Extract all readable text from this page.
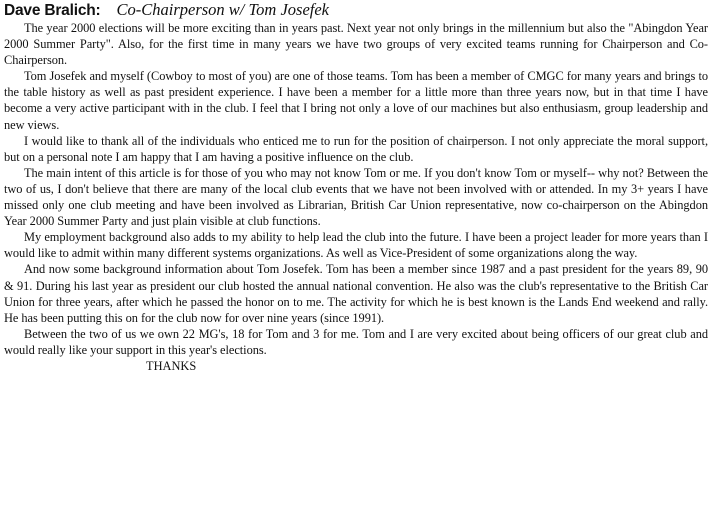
Dave Bralich: Co-Chairperson w/ Tom Josefek

The year 2000 elections will be more exciting than in years past. Next year not only brings in the millennium but also the "Abingdon Year 2000 Summer Party". Also, for the first time in many years we have two groups of very excited teams running for Chairperson and Co-Chairperson.

Tom Josefek and myself (Cowboy to most of you) are one of those teams. Tom has been a member of CMGC for many years and brings to the table history as well as past president experience. I have been a member for a little more than three years now, but in that time I have become a very active participant with in the club. I feel that I bring not only a love of our machines but also enthusiasm, group leadership and new views.

I would like to thank all of the individuals who enticed me to run for the position of chairperson. I not only appreciate the moral support, but on a personal note I am happy that I am having a positive influence on the club.

The main intent of this article is for those of you who may not know Tom or me. If you don't know Tom or myself-- why not? Between the two of us, I don't believe that there are many of the local club events that we have not been involved with or attended. In my 3+ years I have missed only one club meeting and have been involved as Librarian, British Car Union representative, now co-chairperson on the Abingdon Year 2000 Summer Party and just plain visible at club functions.

My employment background also adds to my ability to help lead the club into the future. I have been a project leader for more years than I would like to admit within many different systems organizations. As well as Vice-President of some organizations along the way.

And now some background information about Tom Josefek. Tom has been a member since 1987 and a past president for the years 89, 90 & 91. During his last year as president our club hosted the annual national convention. He also was the club's representative to the British Car Union for three years, after which he passed the honor on to me. The activity for which he is best known is the Lands End weekend and rally. He has been putting this on for the club now for over nine years (since 1991).

Between the two of us we own 22 MG's, 18 for Tom and 3 for me. Tom and I are very excited about being officers of our great club and would really like your support in this year's elections.

THANKS
